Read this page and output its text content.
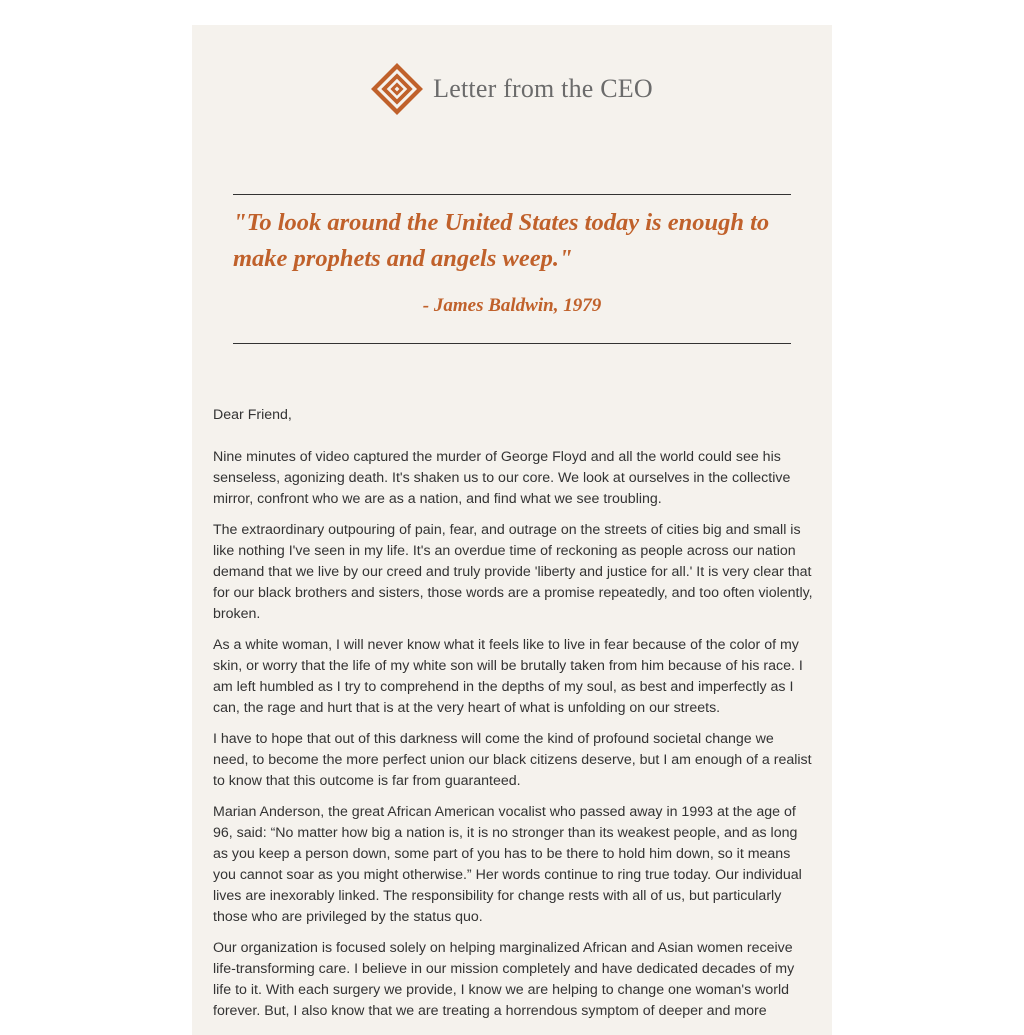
Letter from the CEO

"To look around the United States today is enough to make prophets and angels weep."

- James Baldwin, 1979

Dear Friend,

Nine minutes of video captured the murder of George Floyd and all the world could see his senseless, agonizing death. It's shaken us to our core. We look at ourselves in the collective mirror, confront who we are as a nation, and find what we see troubling.

The extraordinary outpouring of pain, fear, and outrage on the streets of cities big and small is like nothing I've seen in my life. It's an overdue time of reckoning as people across our nation demand that we live by our creed and truly provide 'liberty and justice for all.' It is very clear that for our black brothers and sisters, those words are a promise repeatedly, and too often violently, broken.

As a white woman, I will never know what it feels like to live in fear because of the color of my skin, or worry that the life of my white son will be brutally taken from him because of his race. I am left humbled as I try to comprehend in the depths of my soul, as best and imperfectly as I can, the rage and hurt that is at the very heart of what is unfolding on our streets.

I have to hope that out of this darkness will come the kind of profound societal change we need, to become the more perfect union our black citizens deserve, but I am enough of a realist to know that this outcome is far from guaranteed.

Marian Anderson, the great African American vocalist who passed away in 1993 at the age of 96, said: “No matter how big a nation is, it is no stronger than its weakest people, and as long as you keep a person down, some part of you has to be there to hold him down, so it means you cannot soar as you might otherwise.” Her words continue to ring true today. Our individual lives are inexorably linked. The responsibility for change rests with all of us, but particularly those who are privileged by the status quo.

Our organization is focused solely on helping marginalized African and Asian women receive life-transforming care. I believe in our mission completely and have dedicated decades of my life to it. With each surgery we provide, I know we are helping to change one woman's world forever. But, I also know that we are treating a horrendous symptom of deeper and more
